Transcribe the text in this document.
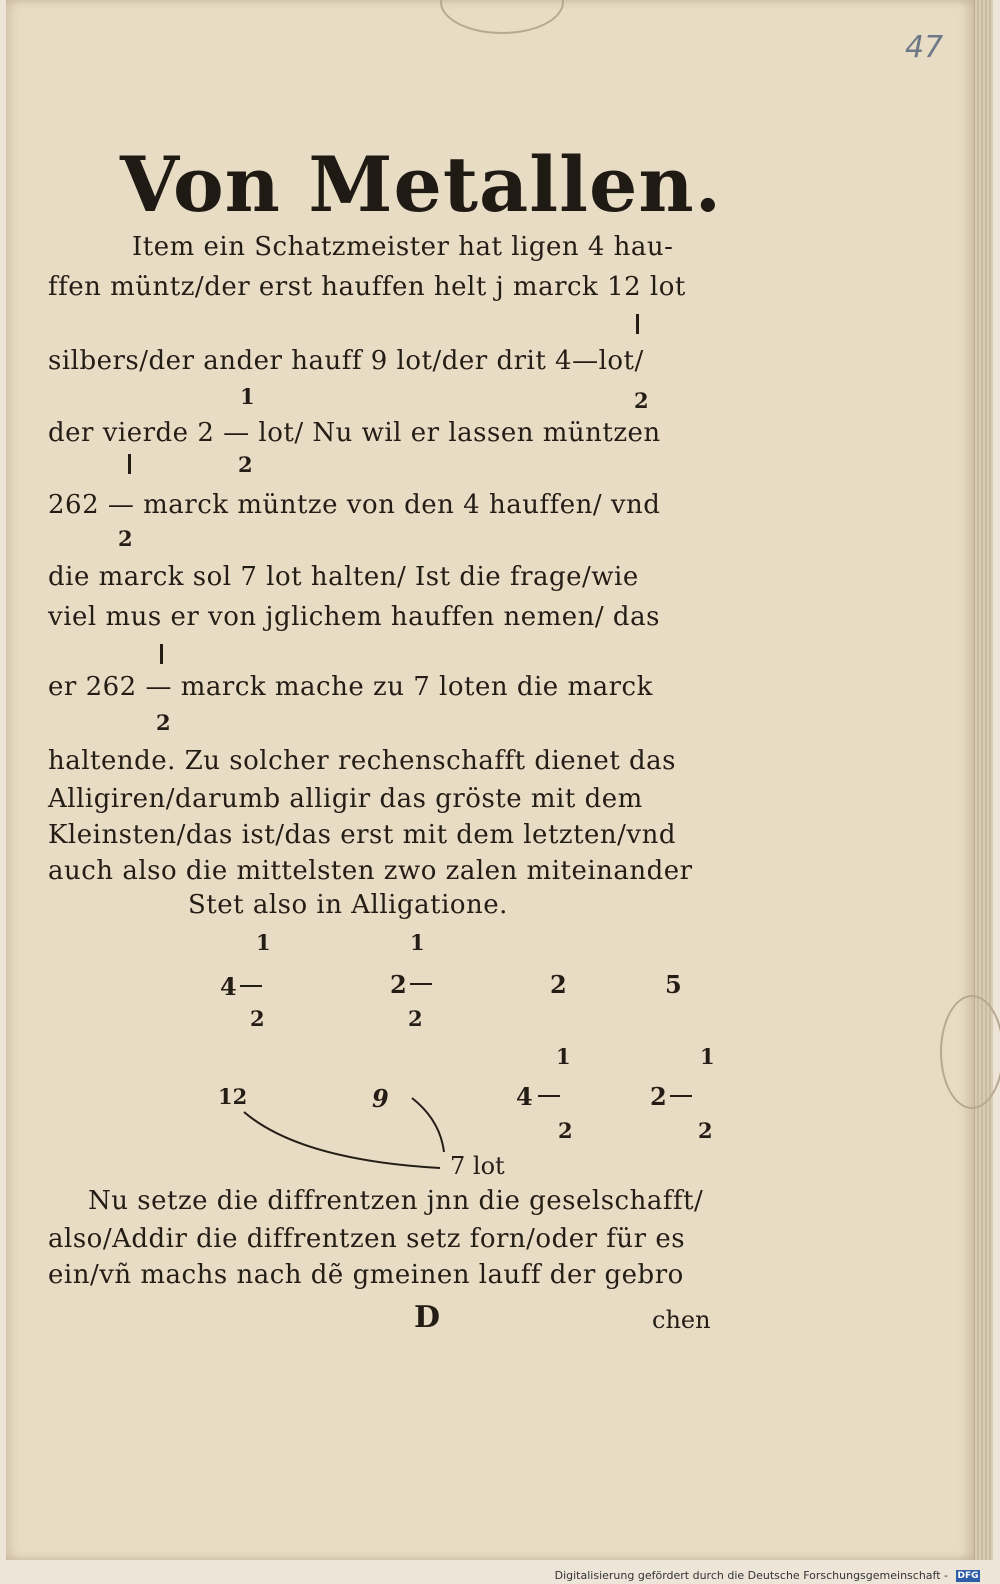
47
Von Metallen.
Item ein Schatzmeister hat ligen 4 hau-
ffen müntz/der erst hauffen helt j marck 12 lot
silbers/der ander hauff 9 lot/der drit 4—lot/
1	2
der vierde 2 — lot/ Nu wil er lassen müntzen
2
262 — marck müntze von den 4 hauffen/ vnd
2
die marck sol 7 lot halten/ Ist die frage/wie
viel mus er von jglichem hauffen nemen/ das
er 262 — marck mache zu 7 loten die marck
2
haltende. Zu solcher rechenschafft dienet das
Alligiren/darumb alligir das gröste mit dem
Kleinsten/das ist/das erst mit dem letzten/vnd
auch also die mittelsten zwo zalen miteinander
Stet also in Alligatione.
1	1
4	2	2	5
2	2
1	1
12	9	4	2
2	2
7 lot
Nu setze die diffrentzen jnn die geselschafft/
also/Addir die diffrentzen setz forn/oder für es
ein/vñ machs nach dẽ gmeinen lauff der gebro
D	chen
Digitalisierung gefördert durch die Deutsche Forschungsgemeinschaft -	DFG
